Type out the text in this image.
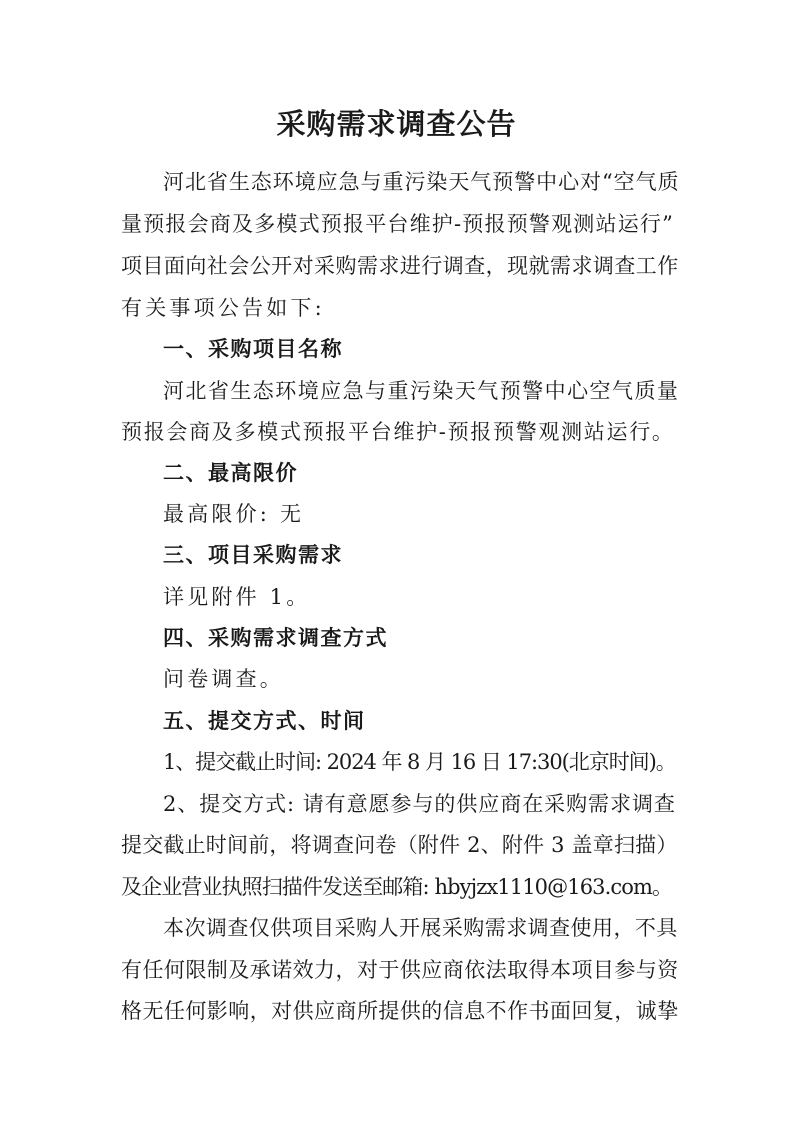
采购需求调查公告
河北省生态环境应急与重污染天气预警中心对“空气质
量预报会商及多模式预报平台维护-预报预警观测站运行”
项目面向社会公开对采购需求进行调查，现就需求调查工作
有关事项公告如下:
一、采购项目名称
河北省生态环境应急与重污染天气预警中心空气质量
预报会商及多模式预报平台维护-预报预警观测站运行。
二、最高限价
最高限价: 无
三、项目采购需求
详见附件 1。
四、采购需求调查方式
问卷调查。
五、提交方式、时间
1、提交截止时间: 2024 年 8 月 16 日 17:30(北京时间)。
2、提交方式: 请有意愿参与的供应商在采购需求调查
提交截止时间前，将调查问卷（附件 2、附件 3 盖章扫描）
及企业营业执照扫描件发送至邮箱: hbyjzx1110@163.com。
本次调查仅供项目采购人开展采购需求调查使用，不具
有任何限制及承诺效力，对于供应商依法取得本项目参与资
格无任何影响，对供应商所提供的信息不作书面回复，诚挚
